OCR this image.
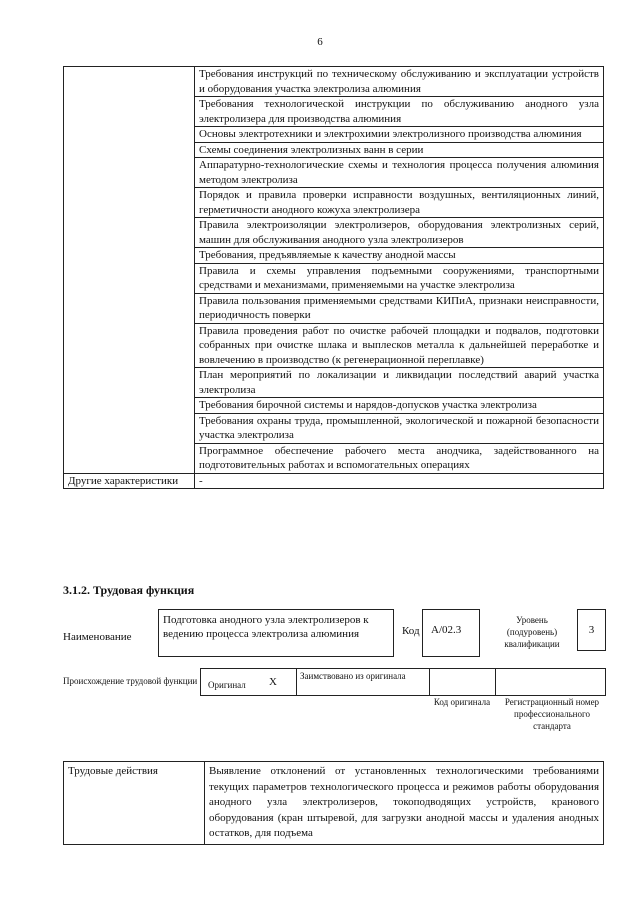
6
	Требования инструкций по техническому обслуживанию и эксплуатации устройств и оборудования участка электролиза алюминия
	Требования технологической инструкции по обслуживанию анодного узла электролизера для производства алюминия
	Основы электротехники и электрохимии электролизного производства алюминия
	Схемы соединения электролизных ванн в серии
	Аппаратурно-технологические схемы и технология процесса получения алюминия методом электролиза
	Порядок и правила проверки исправности воздушных, вентиляционных линий, герметичности анодного кожуха электролизера
	Правила электроизоляции электролизеров, оборудования электролизных серий, машин для обслуживания анодного узла электролизеров
	Требования, предъявляемые к качеству анодной массы
	Правила и схемы управления подъемными сооружениями, транспортными средствами и механизмами, применяемыми на участке электролиза
	Правила пользования применяемыми средствами КИПиА, признаки неисправности, периодичность поверки
	Правила проведения работ по очистке рабочей площадки и подвалов, подготовки собранных при очистке шлака и выплесков металла к дальнейшей переработке и вовлечению в производство (к регенерационной переплавке)
	План мероприятий по локализации и ликвидации последствий аварий участка электролиза
	Требования бирочной системы и нарядов-допусков участка электролиза
	Требования охраны труда, промышленной, экологической и пожарной безопасности участка электролиза
	Программное обеспечение рабочего места анодчика, задействованного на подготовительных работах и вспомогательных операциях
Другие характеристики	-
3.1.2. Трудовая функция
Наименование
Подготовка анодного узла электролизеров к ведению процесса электролиза алюминия	Код	А/02.3
Уровень (подуровень) квалификации
3
Происхождение трудовой функции Оригинал X	Заимствовано из оригинала
Код оригинала	Регистрационный номер профессионального стандарта
Трудовые действия	Выявление отклонений от установленных технологическими требованиями текущих параметров технологического процесса и режимов работы оборудования анодного узла электролизеров, токоподводящих устройств, кранового оборудования (кран штыревой, для загрузки анодной массы и удаления анодных остатков, для подъема
